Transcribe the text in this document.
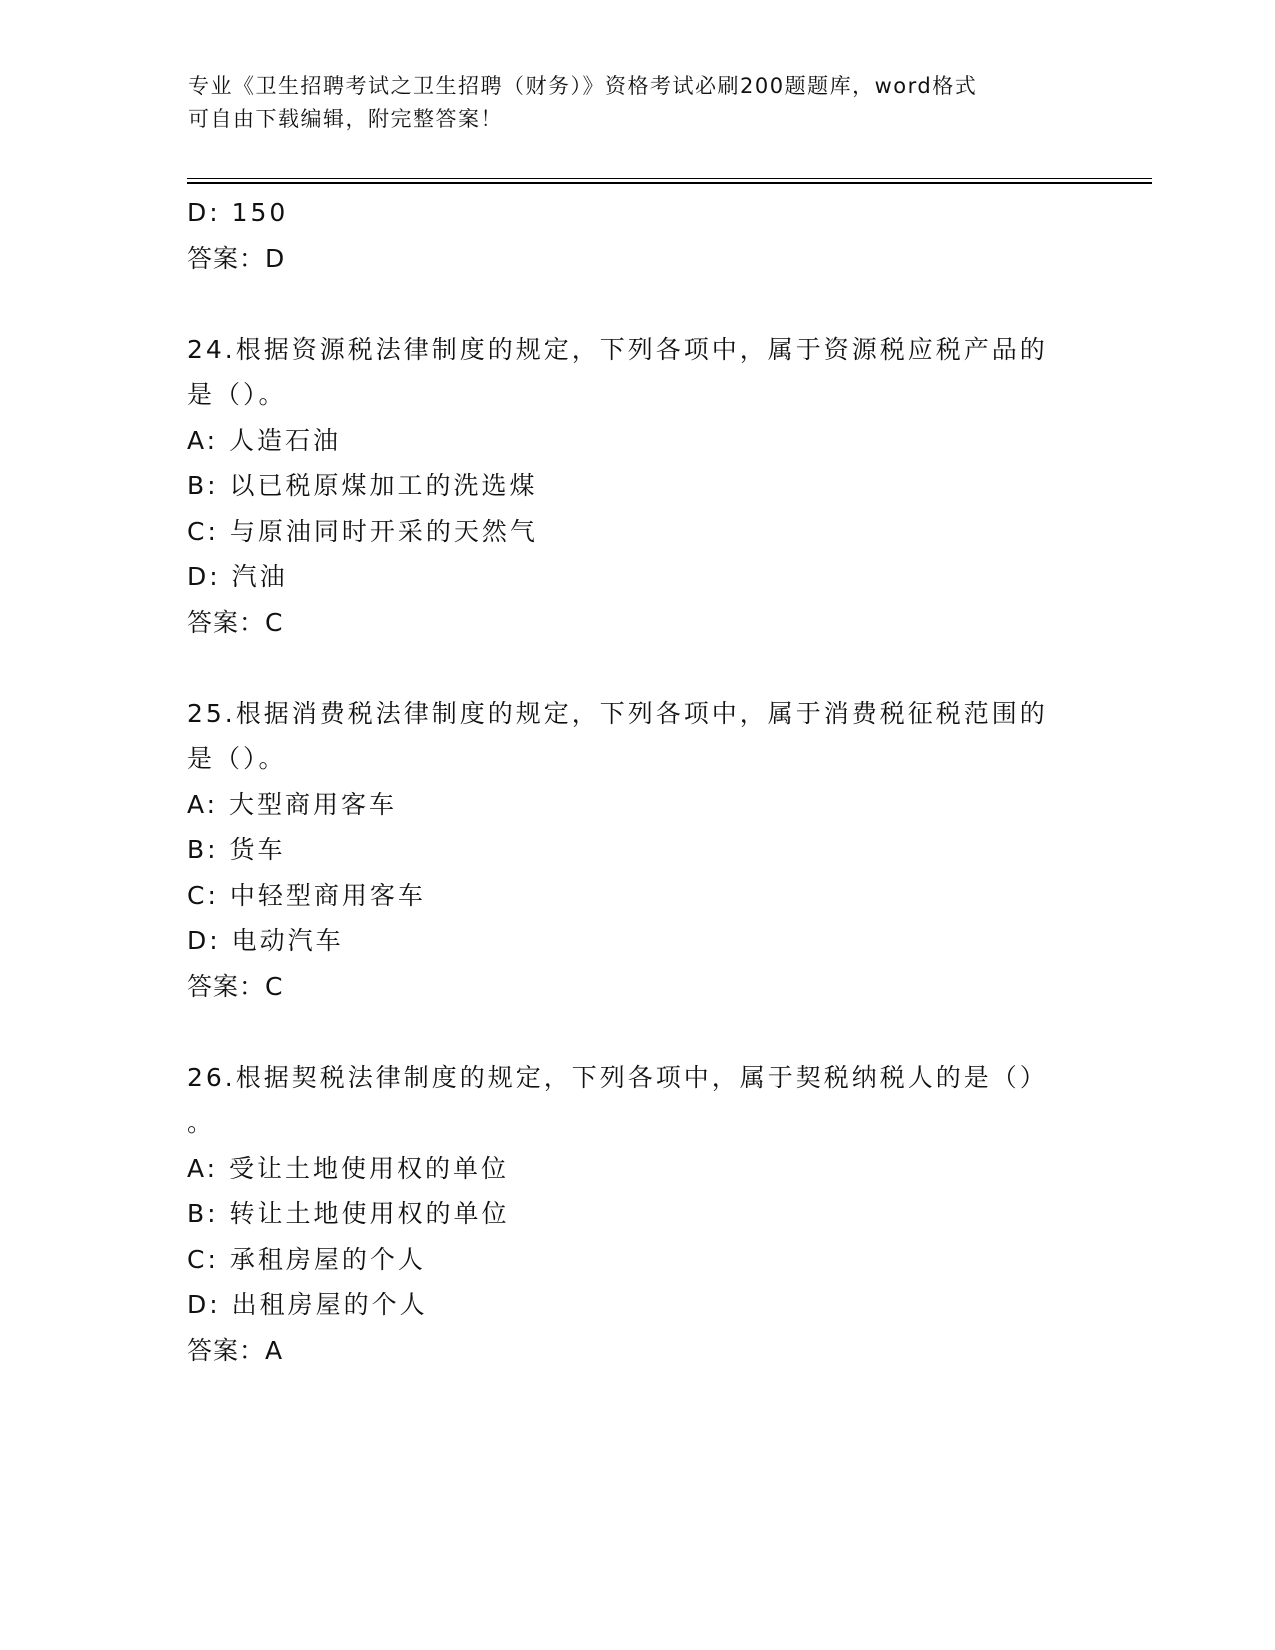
专业《卫生招聘考试之卫生招聘（财务）》资格考试必刷200题题库，word格式
可自由下载编辑，附完整答案！
D: 150
答案：D
24.根据资源税法律制度的规定，下列各项中，属于资源税应税产品的
是（）。
A: 人造石油
B: 以已税原煤加工的洗选煤
C: 与原油同时开采的天然气
D: 汽油
答案：C
25.根据消费税法律制度的规定，下列各项中，属于消费税征税范围的
是（）。
A: 大型商用客车
B: 货车
C: 中轻型商用客车
D: 电动汽车
答案：C
26.根据契税法律制度的规定，下列各项中，属于契税纳税人的是（）
。
A: 受让土地使用权的单位
B: 转让土地使用权的单位
C: 承租房屋的个人
D: 出租房屋的个人
答案：A
